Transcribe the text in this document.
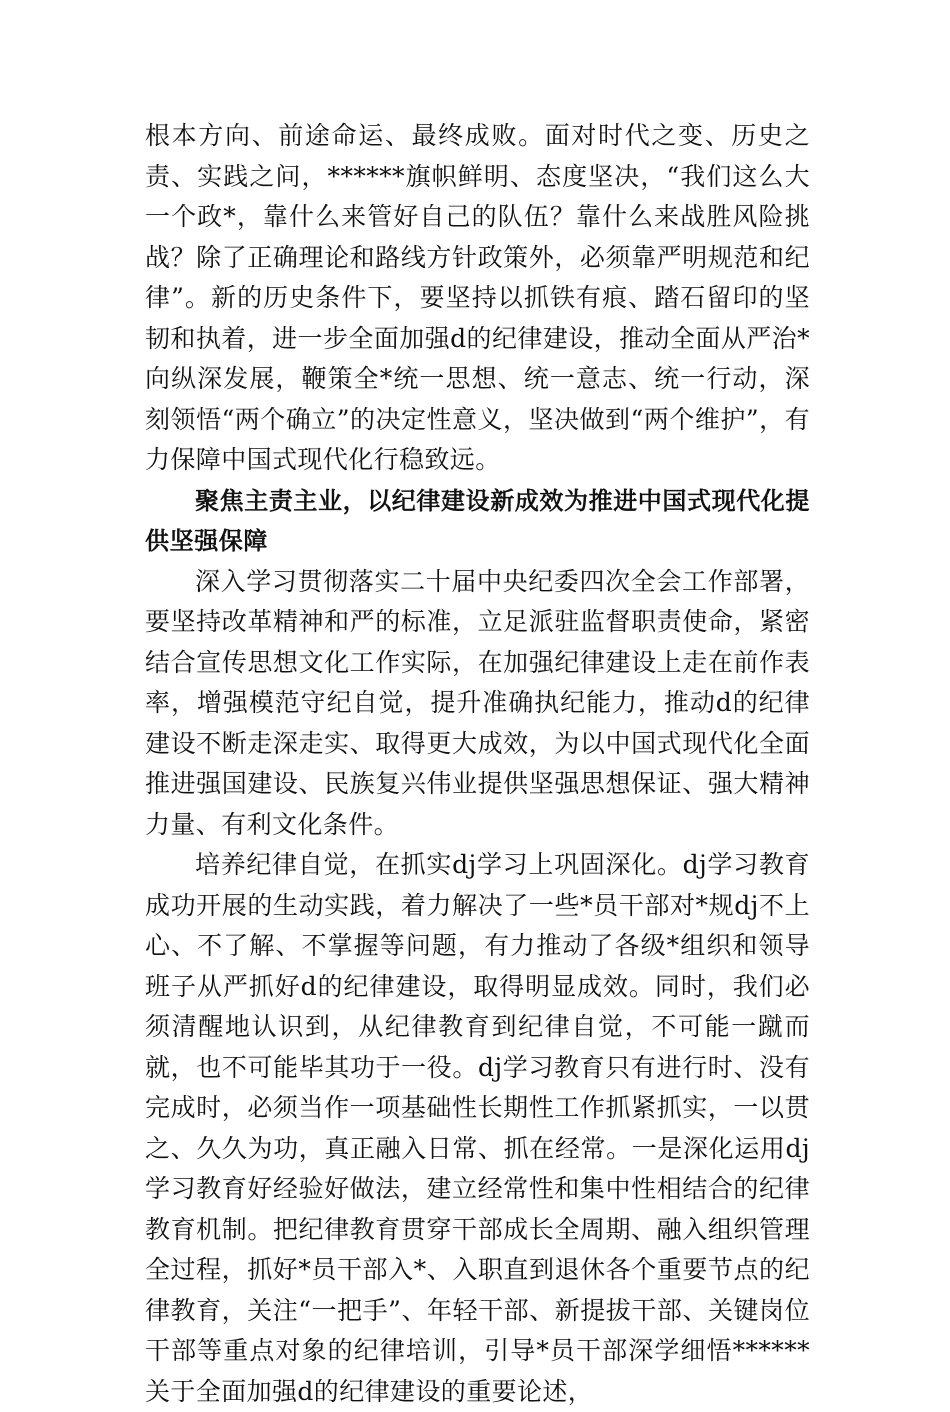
根本方向、前途命运、最终成败。面对时代之变、历史之责、实践之问，******旗帜鲜明、态度坚决，“我们这么大一个政*，靠什么来管好自己的队伍？靠什么来战胜风险挑战？除了正确理论和路线方针政策外，必须靠严明规范和纪律”。新的历史条件下，要坚持以抓铁有痕、踏石留印的坚韧和执着，进一步全面加强d的纪律建设，推动全面从严治*向纵深发展，鞭策全*统一思想、统一意志、统一行动，深刻领悟“两个确立”的决定性意义，坚决做到“两个维护”，有力保障中国式现代化行稳致远。

聚焦主责主业，以纪律建设新成效为推进中国式现代化提供坚强保障

深入学习贯彻落实二十届中央纪委四次全会工作部署，要坚持改革精神和严的标准，立足派驻监督职责使命，紧密结合宣传思想文化工作实际，在加强纪律建设上走在前作表率，增强模范守纪自觉，提升准确执纪能力，推动d的纪律建设不断走深走实、取得更大成效，为以中国式现代化全面推进强国建设、民族复兴伟业提供坚强思想保证、强大精神力量、有利文化条件。

培养纪律自觉，在抓实dj学习上巩固深化。dj学习教育成功开展的生动实践，着力解决了一些*员干部对*规dj不上心、不了解、不掌握等问题，有力推动了各级*组织和领导班子从严抓好d的纪律建设，取得明显成效。同时，我们必须清醒地认识到，从纪律教育到纪律自觉，不可能一蹴而就，也不可能毕其功于一役。dj学习教育只有进行时、没有完成时，必须当作一项基础性长期性工作抓紧抓实，一以贯之、久久为功，真正融入日常、抓在经常。一是深化运用dj学习教育好经验好做法，建立经常性和集中性相结合的纪律教育机制。把纪律教育贯穿干部成长全周期、融入组织管理全过程，抓好*员干部入*、入职直到退休各个重要节点的纪律教育，关注“一把手”、年轻干部、新提拔干部、关键岗位干部等重点对象的纪律培训，引导*员干部深学细悟******关于全面加强d的纪律建设的重要论述，
